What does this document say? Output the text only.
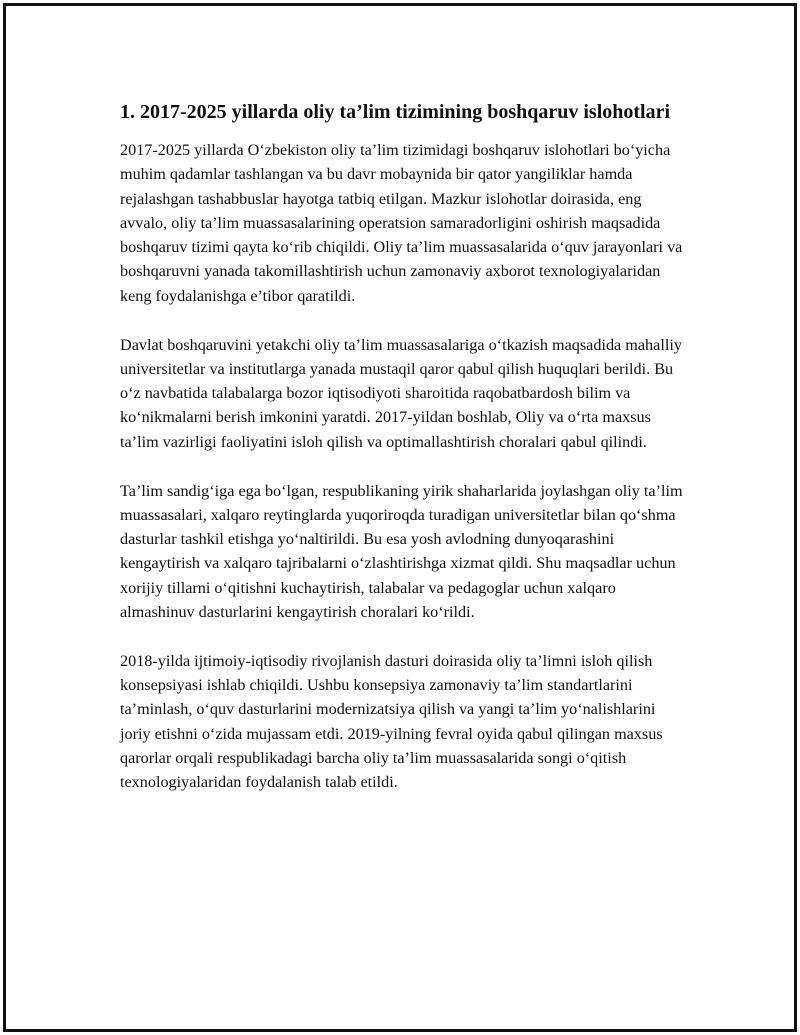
1. 2017-2025 yillarda oliy ta’lim tizimining boshqaruv islohotlari

2017-2025 yillarda O‘zbekiston oliy ta’lim tizimidagi boshqaruv islohotlari bo‘yicha muhim qadamlar tashlangan va bu davr mobaynida bir qator yangiliklar hamda rejalashgan tashabbuslar hayotga tatbiq etilgan. Mazkur islohotlar doirasida, eng avvalo, oliy ta’lim muassasalarining operatsion samaradorligini oshirish maqsadida boshqaruv tizimi qayta ko‘rib chiqildi. Oliy ta’lim muassasalarida o‘quv jarayonlari va boshqaruvni yanada takomillashtirish uchun zamonaviy axborot texnologiyalaridan keng foydalanishga e’tibor qaratildi.

Davlat boshqaruvini yetakchi oliy ta’lim muassasalariga o‘tkazish maqsadida mahalliy universitetlar va institutlarga yanada mustaqil qaror qabul qilish huquqlari berildi. Bu o‘z navbatida talabalarga bozor iqtisodiyoti sharoitida raqobatbardosh bilim va ko‘nikmalarni berish imkonini yaratdi. 2017-yildan boshlab, Oliy va o‘rta maxsus ta’lim vazirligi faoliyatini isloh qilish va optimallashtirish choralari qabul qilindi.

Ta’lim sandig‘iga ega bo‘lgan, respublikaning yirik shaharlarida joylashgan oliy ta’lim muassasalari, xalqaro reytinglarda yuqoriroqda turadigan universitetlar bilan qo‘shma dasturlar tashkil etishga yo‘naltirildi. Bu esa yosh avlodning dunyoqarashini kengaytirish va xalqaro tajribalarni o‘zlashtirishga xizmat qildi. Shu maqsadlar uchun xorijiy tillarni o‘qitishni kuchaytirish, talabalar va pedagoglar uchun xalqaro almashinuv dasturlarini kengaytirish choralari ko‘rildi.

2018-yilda ijtimoiy-iqtisodiy rivojlanish dasturi doirasida oliy ta’limni isloh qilish konsepsiyasi ishlab chiqildi. Ushbu konsepsiya zamonaviy ta’lim standartlarini ta’minlash, o‘quv dasturlarini modernizatsiya qilish va yangi ta’lim yo‘nalishlarini joriy etishni o‘zida mujassam etdi. 2019-yilning fevral oyida qabul qilingan maxsus qarorlar orqali respublikadagi barcha oliy ta’lim muassasalarida songi o‘qitish texnologiyalaridan foydalanish talab etildi.
